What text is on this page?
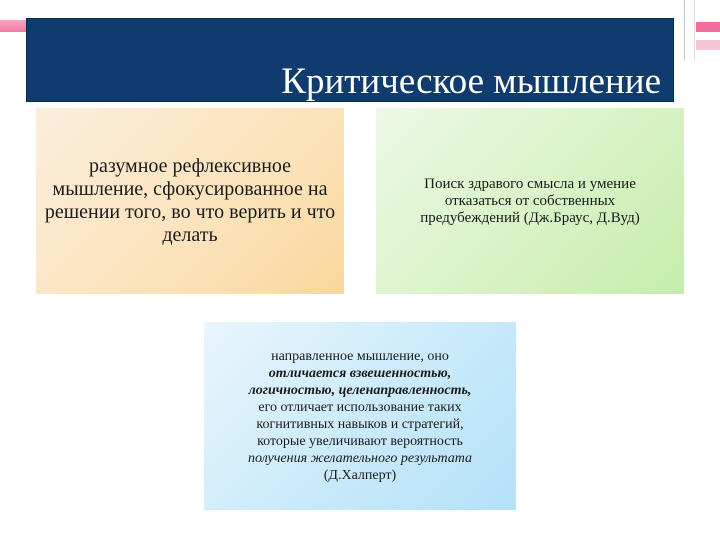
Критическое мышление
разумное рефлексивное мышление, сфокусированное на решении того, во что верить и что делать
Поиск здравого смысла и умение отказаться от собственных предубеждений (Дж.Браус, Д.Вуд)
направленное мышление, оно
отличается взвешенностью,
логичностью, целенаправленность,
его отличает использование таких
когнитивных навыков и стратегий,
которые увеличивают вероятность
получения желательного результата
(Д.Халперт)
